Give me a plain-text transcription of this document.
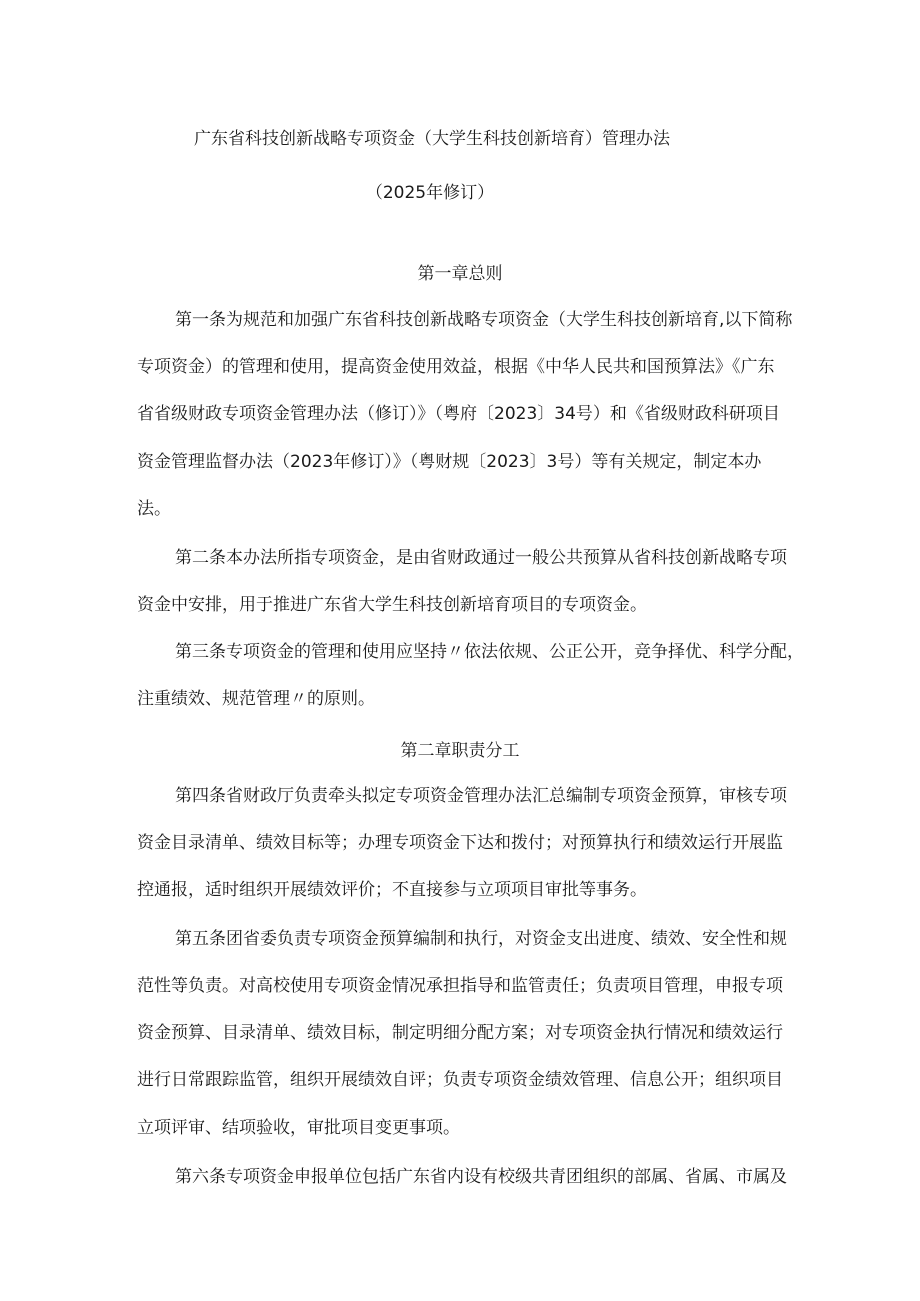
广东省科技创新战略专项资金（大学生科技创新培育）管理办法
（2025年修订）
第一章总则
第一条为规范和加强广东省科技创新战略专项资金（大学生科技创新培育,以下简称
专项资金）的管理和使用，提高资金使用效益，根据《中华人民共和国预算法》《广东
省省级财政专项资金管理办法（修订）》（粤府〔2023〕34号）和《省级财政科研项目
资金管理监督办法（2023年修订）》（粤财规〔2023〕3号）等有关规定，制定本办
法。
第二条本办法所指专项资金，是由省财政通过一般公共预算从省科技创新战略专项
资金中安排，用于推进广东省大学生科技创新培育项目的专项资金。
第三条专项资金的管理和使用应坚持〃依法依规、公正公开，竞争择优、科学分配，
注重绩效、规范管理〃的原则。
第二章职责分工
第四条省财政厅负责牵头拟定专项资金管理办法汇总编制专项资金预算，审核专项
资金目录清单、绩效目标等；办理专项资金下达和拨付；对预算执行和绩效运行开展监
控通报，适时组织开展绩效评价；不直接参与立项项目审批等事务。
第五条团省委负责专项资金预算编制和执行，对资金支出进度、绩效、安全性和规
范性等负责。对高校使用专项资金情况承担指导和监管责任；负责项目管理，申报专项
资金预算、目录清单、绩效目标，制定明细分配方案；对专项资金执行情况和绩效运行
进行日常跟踪监管，组织开展绩效自评；负责专项资金绩效管理、信息公开；组织项目
立项评审、结项验收，审批项目变更事项。
第六条专项资金申报单位包括广东省内设有校级共青团组织的部属、省属、市属及
